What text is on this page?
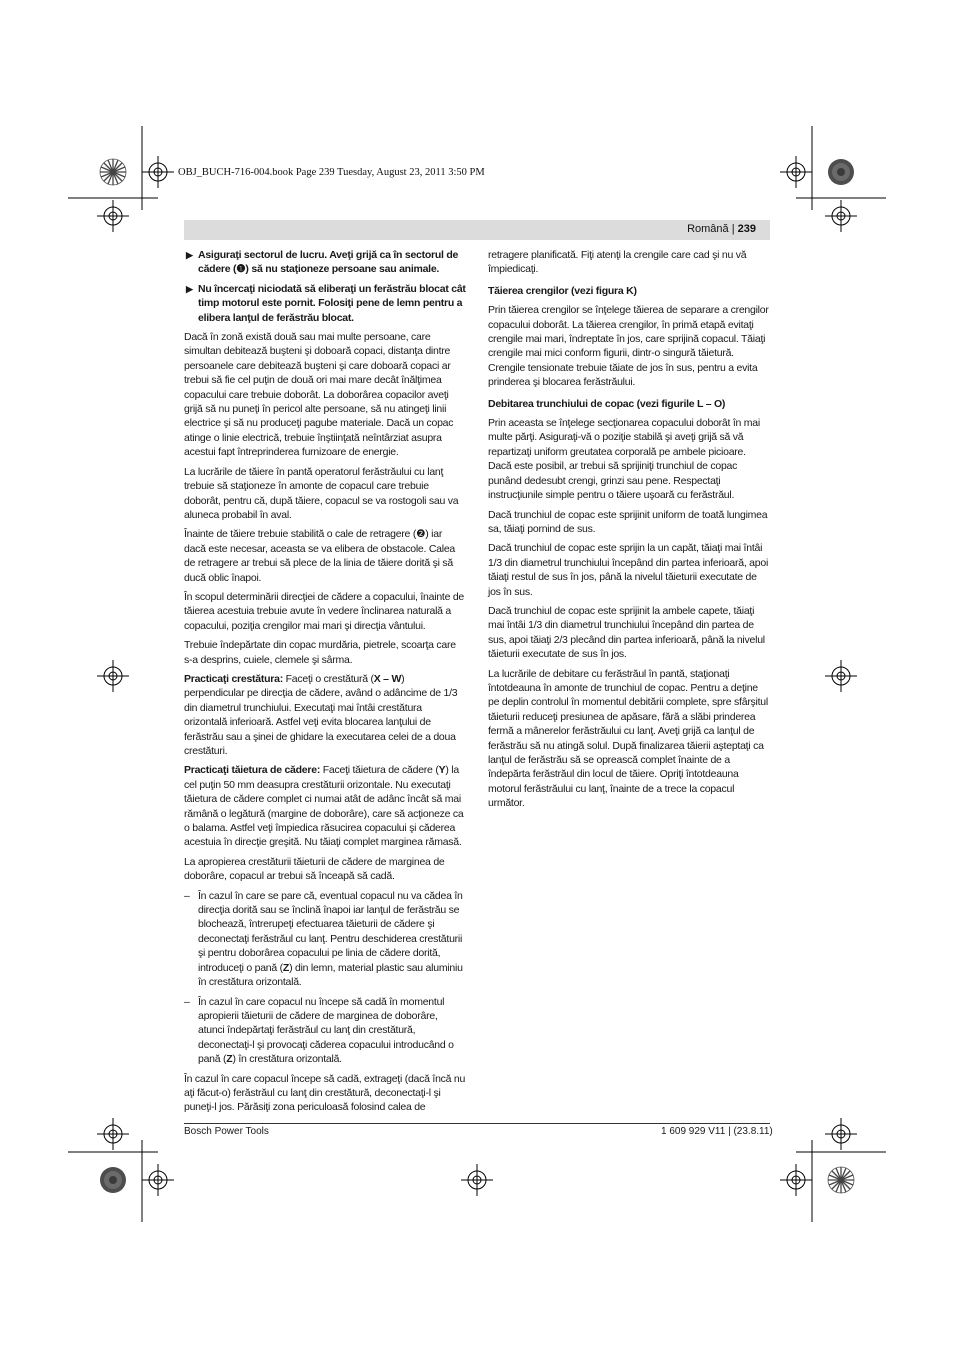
OBJ_BUCH-716-004.book Page 239 Tuesday, August 23, 2011 3:50 PM
Română | 239
▶ Asiguraţi sectorul de lucru. Aveţi grijă ca în sectorul de cădere (❶) să nu staţioneze persoane sau animale.
▶ Nu încercaţi niciodată să eliberaţi un ferăstrău blocat cât timp motorul este pornit. Folosiţi pene de lemn pentru a elibera lanţul de ferăstrău blocat.

Dacă în zonă există două sau mai multe persoane, care simultan debitează buşteni şi doboară copaci, distanţa dintre persoanele care debitează buşteni şi care doboară copaci ar trebui să fie cel puţin de două ori mai mare decât înălţimea copacului care trebuie doborât. La doborârea copacilor aveţi grijă să nu puneţi în pericol alte persoane, să nu atingeţi linii electrice şi să nu produceţi pagube materiale. Dacă un copac atinge o linie electrică, trebuie înştiinţată neîntârziat asupra acestui fapt întreprinderea furnizoare de energie.

La lucrările de tăiere în pantă operatorul ferăstrăului cu lanţ trebuie să staţioneze în amonte de copacul care trebuie doborât, pentru că, după tăiere, copacul se va rostogoli sau va aluneca probabil în aval.

Înainte de tăiere trebuie stabilită o cale de retragere (❷) iar dacă este necesar, aceasta se va elibera de obstacole. Calea de retragere ar trebui să plece de la linia de tăiere dorită şi să ducă oblic înapoi.

În scopul determinării direcţiei de cădere a copacului, înainte de tăierea acestuia trebuie avute în vedere înclinarea naturală a copacului, poziţia crengilor mai mari şi direcţia vântului.

Trebuie îndepărtate din copac murdăria, pietrele, scoarţa care s-a desprins, cuiele, clemele şi sârma.

Practicaţi crestătura: Faceţi o crestătură (X – W) perpendicular pe direcţia de cădere, având o adâncime de 1/3 din diametrul trunchiului. Executaţi mai întâi crestătura orizontală inferioară. Astfel veţi evita blocarea lanţului de ferăstrău sau a şinei de ghidare la executarea celei de a doua crestături.

Practicaţi tăietura de cădere: Faceţi tăietura de cădere (Y) la cel puţin 50 mm deasupra crestăturii orizontale. Nu executaţi tăietura de cădere complet ci numai atât de adânc încât să mai rămână o legătură (margine de doborâre), care să acţioneze ca o balama. Astfel veţi împiedica răsucirea copacului şi căderea acestuia în direcţie greşită. Nu tăiaţi complet marginea rămasă.

La apropierea crestăturii tăieturii de cădere de marginea de doborâre, copacul ar trebui să înceapă să cadă.

– În cazul în care se pare că, eventual copacul nu va cădea în direcţia dorită sau se înclină înapoi iar lanţul de ferăstrău se blochează, întrerupeţi efectuarea tăieturii de cădere şi deconectaţi ferăstrăul cu lanţ. Pentru deschiderea crestăturii şi pentru doborârea copacului pe linia de cădere dorită, introduceţi o pană (Z) din lemn, material plastic sau aluminiu în crestătura orizontală.
– În cazul în care copacul nu începe să cadă în momentul apropierii tăieturii de cădere de marginea de doborâre, atunci îndepărtaţi ferăstrăul cu lanţ din crestătură, deconectaţi-l şi provocaţi căderea copacului introducând o pană (Z) în crestătura orizontală.

În cazul în care copacul începe să cadă, extrageţi (dacă încă nu aţi făcut-o) ferăstrăul cu lanţ din crestătură, deconectaţi-l şi puneţi-l jos. Părăsiţi zona periculoasă folosind calea de

retragere planificată. Fiţi atenţi la crengile care cad şi nu vă împiedicaţi.

Tăierea crengilor (vezi figura K)

Prin tăierea crengilor se înţelege tăierea de separare a crengilor copacului doborât. La tăierea crengilor, în primă etapă evitaţi crengile mai mari, îndreptate în jos, care sprijină copacul. Tăiaţi crengile mai mici conform figurii, dintr-o singură tăietură. Crengile tensionate trebuie tăiate de jos în sus, pentru a evita prinderea şi blocarea ferăstrăului.

Debitarea trunchiului de copac (vezi figurile L – O)

Prin aceasta se înţelege secţionarea copacului doborât în mai multe părţi. Asiguraţi-vă o poziţie stabilă şi aveţi grijă să vă repartizaţi uniform greutatea corporală pe ambele picioare. Dacă este posibil, ar trebui să sprijiniţi trunchiul de copac punând dedesubt crengi, grinzi sau pene. Respectaţi instrucţiunile simple pentru o tăiere uşoară cu ferăstrăul.

Dacă trunchiul de copac este sprijinit uniform de toată lungimea sa, tăiaţi pornind de sus.

Dacă trunchiul de copac este sprijin la un capăt, tăiaţi mai întâi 1/3 din diametrul trunchiului începând din partea inferioară, apoi tăiaţi restul de sus în jos, până la nivelul tăieturii executate de jos în sus.

Dacă trunchiul de copac este sprijinit la ambele capete, tăiaţi mai întâi 1/3 din diametrul trunchiului începând din partea de sus, apoi tăiaţi 2/3 plecând din partea inferioară, până la nivelul tăieturii executate de sus în jos.

La lucrările de debitare cu ferăstrăul în pantă, staţionaţi întotdeauna în amonte de trunchiul de copac. Pentru a deţine pe deplin controlul în momentul debitării complete, spre sfârşitul tăieturii reduceţi presiunea de apăsare, fără a slăbi prinderea fermă a mânerelor ferăstrăului cu lanţ. Aveţi grijă ca lanţul de ferăstrău să nu atingă solul. După finalizarea tăierii aşteptaţi ca lanţul de ferăstrău să se oprească complet înainte de a îndepărta ferăstrăul din locul de tăiere. Opriţi întotdeauna motorul ferăstrăului cu lanţ, înainte de a trece la copacul următor.

Bosch Power Tools	1 609 929 V11 | (23.8.11)
